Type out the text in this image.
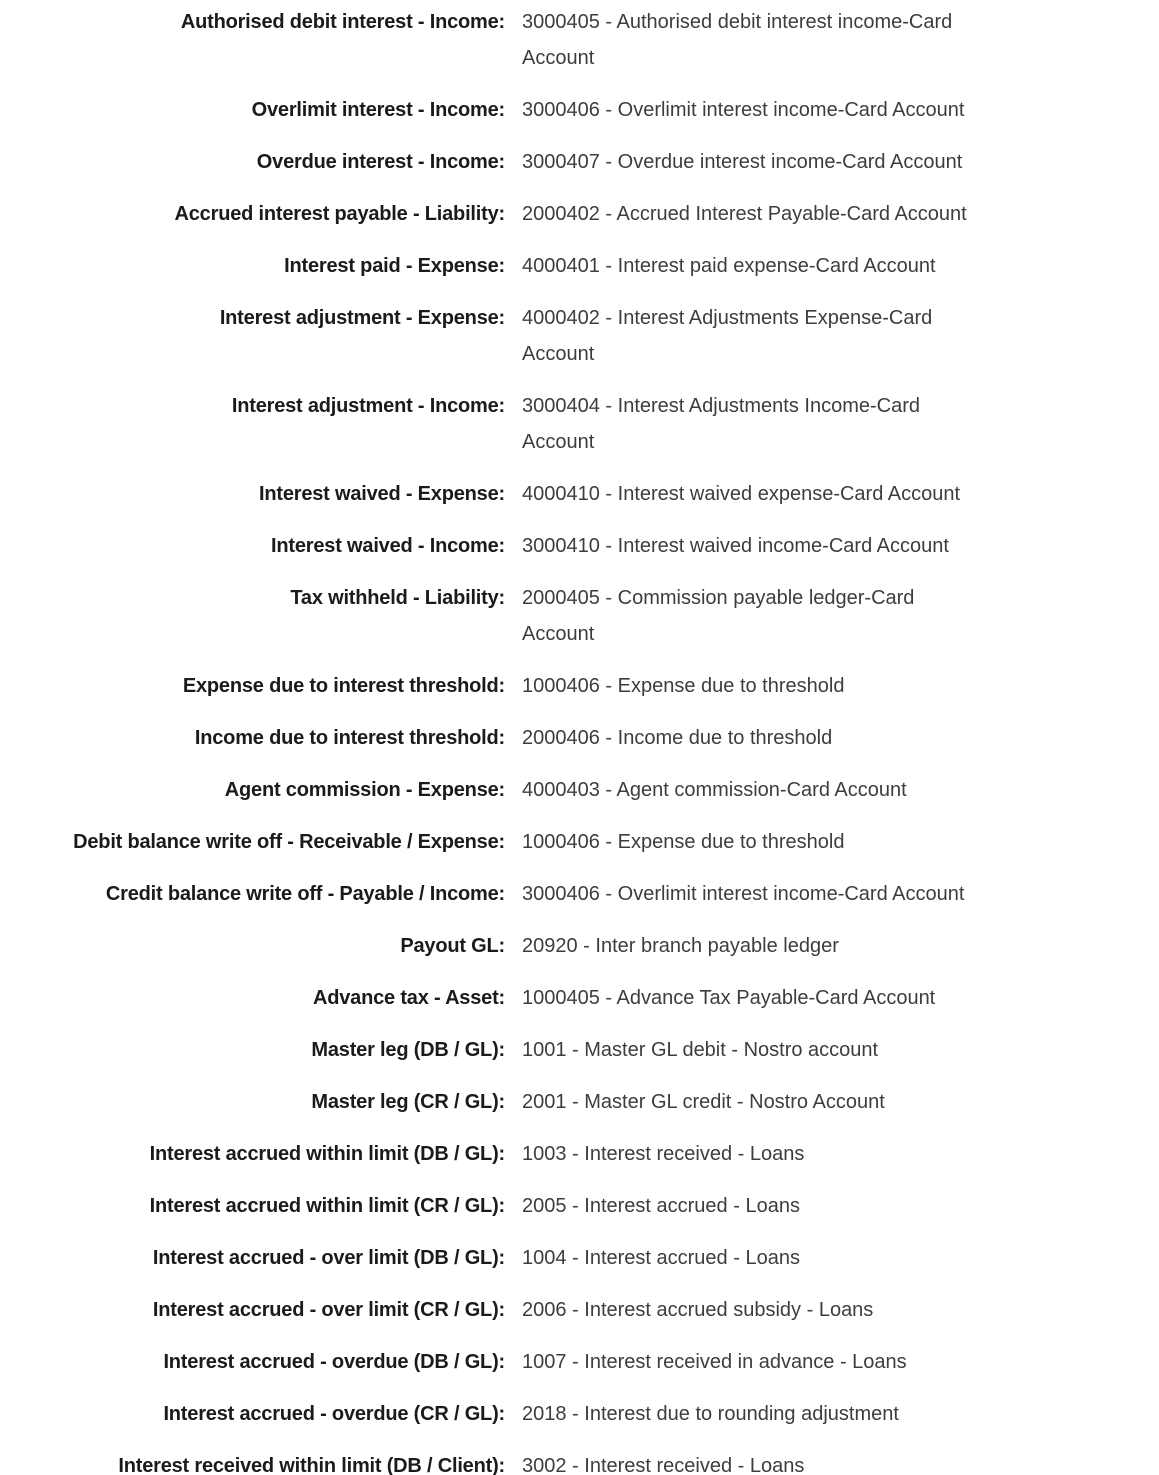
Authorised debit interest - Income: 3000405 - Authorised debit interest income-Card Account
Overlimit interest - Income: 3000406 - Overlimit interest income-Card Account
Overdue interest - Income: 3000407 - Overdue interest income-Card Account
Accrued interest payable - Liability: 2000402 - Accrued Interest Payable-Card Account
Interest paid - Expense: 4000401 - Interest paid expense-Card Account
Interest adjustment - Expense: 4000402 - Interest Adjustments Expense-Card Account
Interest adjustment - Income: 3000404 - Interest Adjustments Income-Card Account
Interest waived - Expense: 4000410 - Interest waived expense-Card Account
Interest waived - Income: 3000410 - Interest waived income-Card Account
Tax withheld - Liability: 2000405 - Commission payable ledger-Card Account
Expense due to interest threshold: 1000406 - Expense due to threshold
Income due to interest threshold: 2000406 - Income due to threshold
Agent commission - Expense: 4000403 - Agent commission-Card Account
Debit balance write off - Receivable / Expense: 1000406 - Expense due to threshold
Credit balance write off - Payable / Income: 3000406 - Overlimit interest income-Card Account
Payout GL: 20920 - Inter branch payable ledger
Advance tax - Asset: 1000405 - Advance Tax Payable-Card Account
Master leg (DB / GL): 1001 - Master GL debit - Nostro account
Master leg (CR / GL): 2001 - Master GL credit - Nostro Account
Interest accrued within limit (DB / GL): 1003 - Interest received - Loans
Interest accrued within limit (CR / GL): 2005 - Interest accrued - Loans
Interest accrued - over limit (DB / GL): 1004 - Interest accrued - Loans
Interest accrued - over limit (CR / GL): 2006 - Interest accrued subsidy - Loans
Interest accrued - overdue (DB / GL): 1007 - Interest received in advance - Loans
Interest accrued - overdue (CR / GL): 2018 - Interest due to rounding adjustment
Interest received within limit (DB / Client): 3002 - Interest received - Loans
